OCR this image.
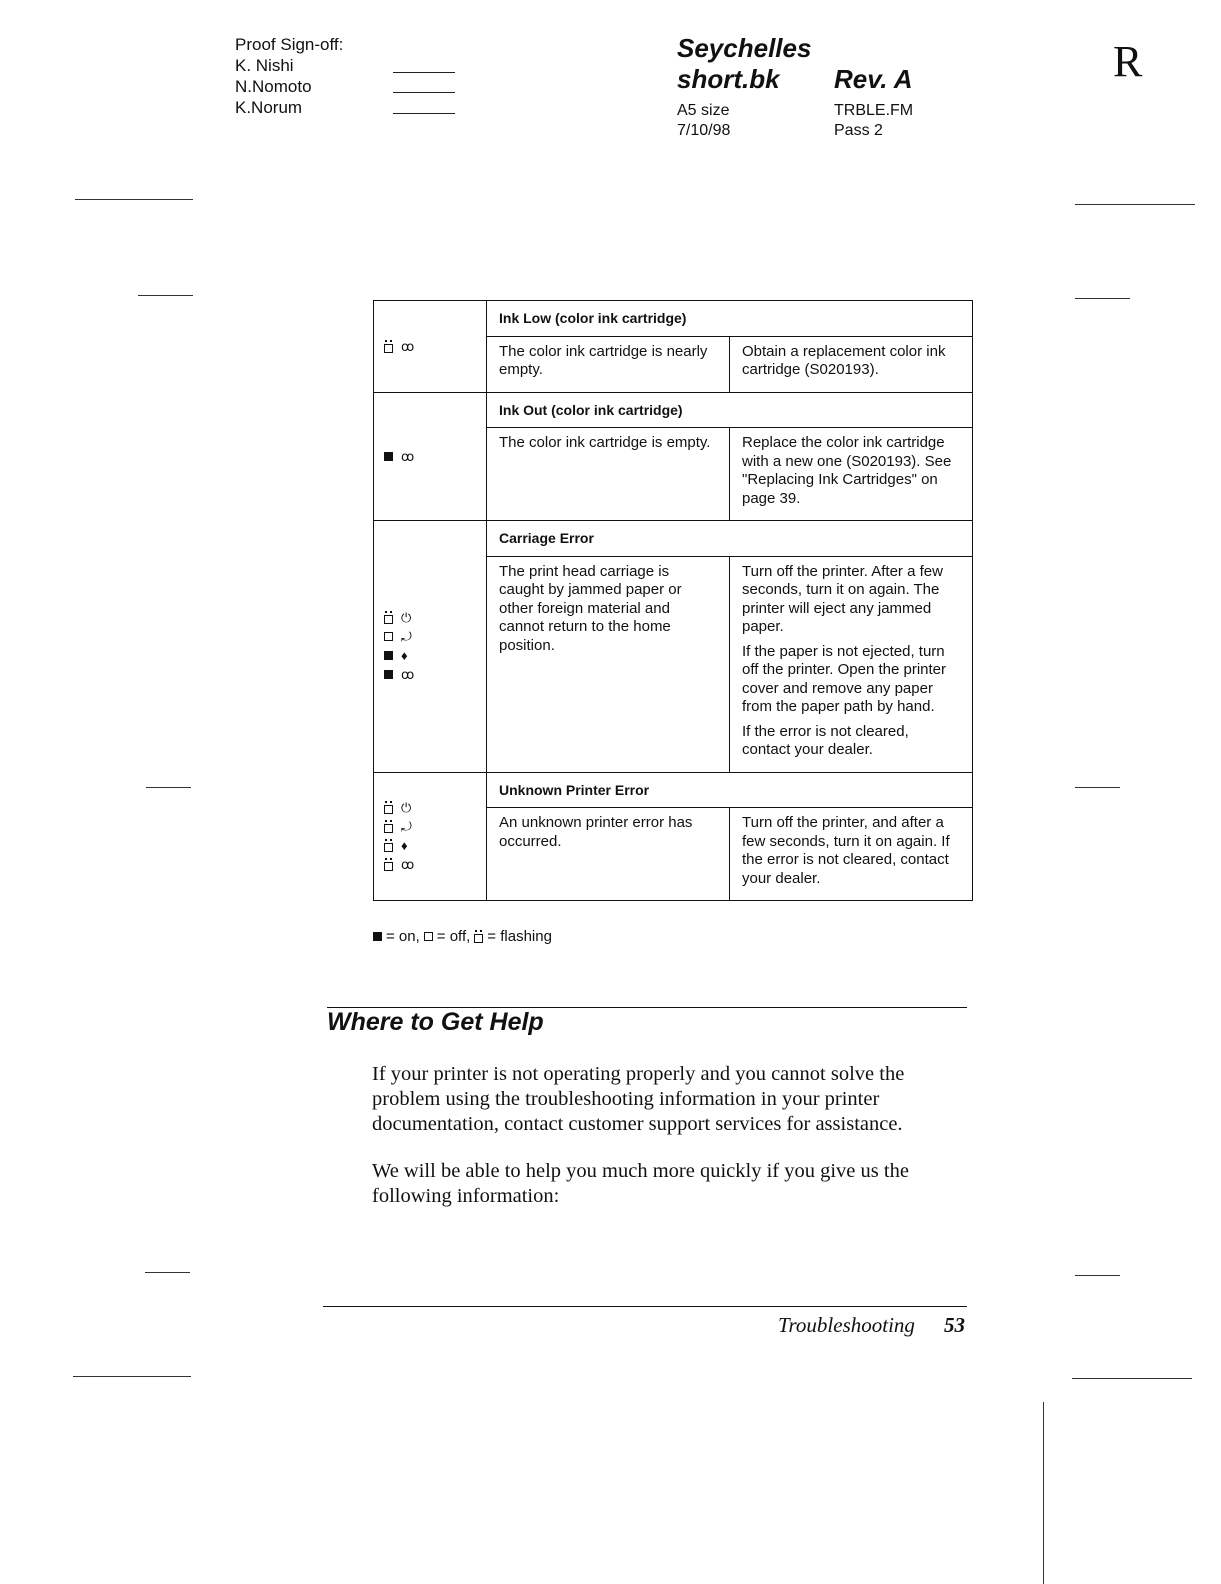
Proof Sign-off:
K. Nishi
N.Nomoto
K.Norum
Seychelles
short.bk	Rev. A
A5 size
7/10/98
TRBLE.FM
Pass 2
R
ꝏ	Ink Low (color ink cartridge)	
	The color ink cartridge is nearly empty.	Obtain a replacement color ink cartridge (S020193).

ꝏ	Ink Out (color ink cartridge)	
	The color ink cartridge is empty.	Replace the color ink cartridge with a new one (S020193). See "Replacing Ink Cartridges" on page 39.

⏻
⤾
♦
ꝏ	Carriage Error	
	The print head carriage is caught by jammed paper or other foreign material and cannot return to the home position.	Turn off the printer. After a few seconds, turn it on again. The printer will eject any jammed paper.
If the paper is not ejected, turn off the printer. Open the printer cover and remove any paper from the paper path by hand.
If the error is not cleared, contact your dealer.

⏻
⤾
♦
ꝏ	Unknown Printer Error	
	An unknown printer error has occurred.	Turn off the printer, and after a few seconds, turn it on again. If the error is not cleared, contact your dealer.
= on, = off, = flashing
Where to Get Help
If your printer is not operating properly and you cannot solve the problem using the troubleshooting information in your printer documentation, contact customer support services for assistance.
We will be able to help you much more quickly if you give us the following information:
Troubleshooting 53
